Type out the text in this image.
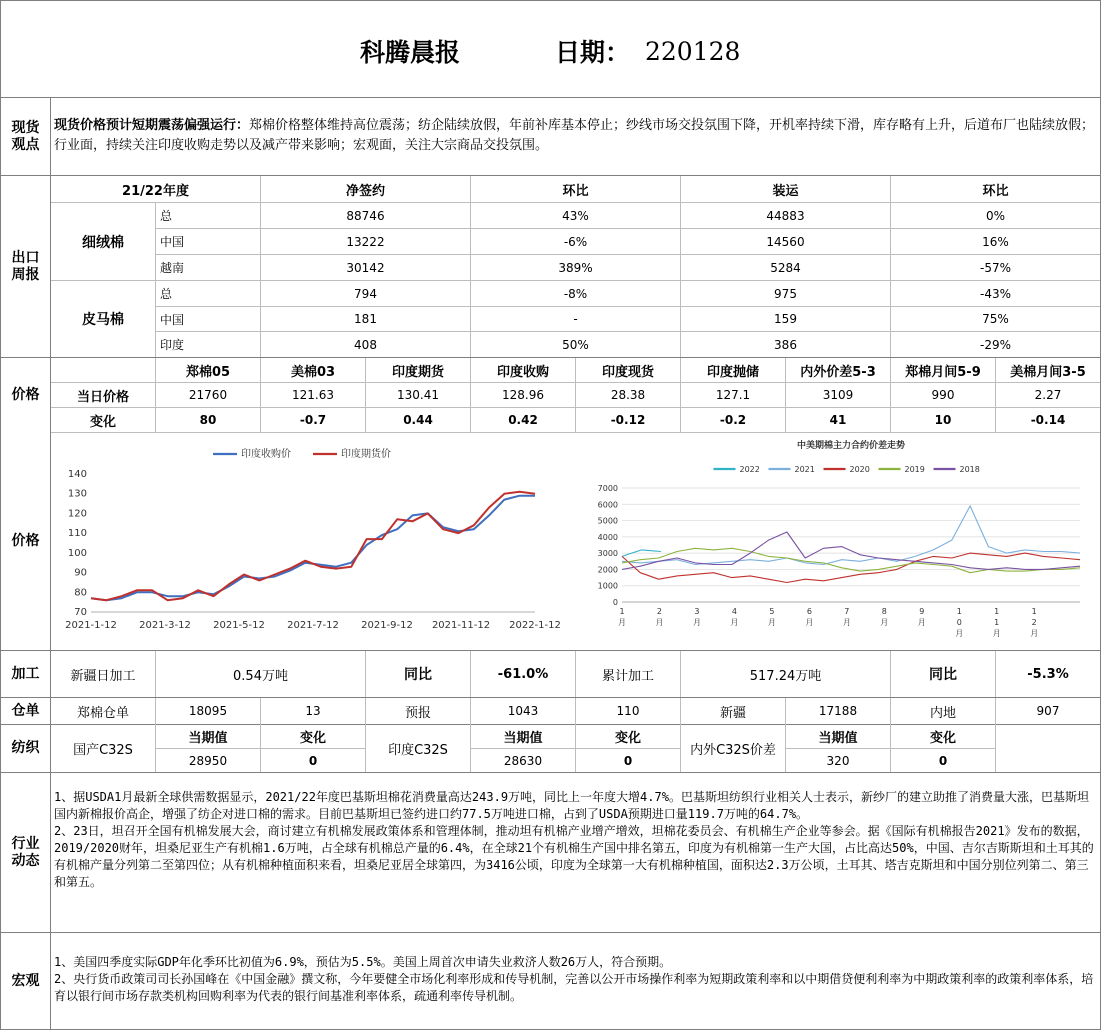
科腾晨报	日期： 220128
现货观点
出口周报
价格
价格
加工
仓单
纺织
行业动态
宏观
现货价格预计短期震荡偏强运行：郑棉价格整体维持高位震荡；纺企陆续放假，年前补库基本停止；纱线市场交投氛围下降，开机率持续下滑，库存略有上升，后道布厂也陆续放假；行业面，持续关注印度收购走势以及减产带来影响；宏观面，关注大宗商品交投氛围。
21/22年度	净签约	环比	装运	环比
细绒棉
皮马棉
总	88746	43%	44883	0%
中国	13222	-6%	14560	16%
越南	30142	389%	5284	-57%
总	794	-8%	975	-43%
中国	181	-	159	75%
印度	408	50%	386	-29%
郑棉05	美棉03	印度期货	印度收购	印度现货	印度抛储	内外价差5-3	郑棉月间5-9	美棉月间3-5
当日价格	21760	121.63	130.41	128.96	28.38	127.1	3109	990	2.27
变化	80	-0.7	0.44	0.42	-0.12	-0.2	41	10	-0.14
印度收购价	印度期货价
70
80
90
100
110
120
130
140
2021-1-12 2021-3-12 2021-5-12 2021-7-12 2021-9-12 2021-11-12 2022-1-12
中美期棉主力合约价差走势
2022	2021	2020	2019	2018
0
1000
2000
3000
4000
5000
6000
7000
1
月
2
月
3
月
4
月
5
月
6
月
7
月
8
月
9
月
1
0
月
1
1
月
1
2
月
新疆日加工	0.54万吨	同比	-61.0%	累计加工	517.24万吨	同比	-5.3%
郑棉仓单	18095	13	预报	1043	110	新疆	17188	内地	907
国产C32S
当期值	变化
28950	0
印度C32S
当期值	变化
28630	0
内外C32S价差
当期值	变化
320	0
1、据USDA1月最新全球供需数据显示，2021/22年度巴基斯坦棉花消费量高达243.9万吨，同比上一年度大增4.7%。巴基斯坦纺织行业相关人士表示，新纱厂的建立助推了消费量大涨，巴基斯坦国内新棉报价高企，增强了纺企对进口棉的需求。目前巴基斯坦已签约进口约77.5万吨进口棉，占到了USDA预期进口量119.7万吨的64.7%。
2、23日，坦召开全国有机棉发展大会，商讨建立有机棉发展政策体系和管理体制，推动坦有机棉产业增产增效，坦棉花委员会、有机棉生产企业等参会。据《国际有机棉报告2021》发布的数据，2019/2020财年，坦桑尼亚生产有机棉1.6万吨，占全球有机棉总产量的6.4%，在全球21个有机棉生产国中排名第五，印度为有机棉第一生产大国，占比高达50%，中国、吉尔吉斯斯坦和土耳其的有机棉产量分列第二至第四位；从有机棉种植面积来看，坦桑尼亚居全球第四，为3416公顷，印度为全球第一大有机棉种植国，面积达2.3万公顷，土耳其、塔吉克斯坦和中国分别位列第二、第三和第五。
1、美国四季度实际GDP年化季环比初值为6.9%，预估为5.5%。美国上周首次申请失业救济人数26万人，符合预期。
2、央行货币政策司司长孙国峰在《中国金融》撰文称，今年要健全市场化利率形成和传导机制，完善以公开市场操作利率为短期政策利率和以中期借贷便利利率为中期政策利率的政策利率体系，培育以银行间市场存款类机构回购利率为代表的银行间基准利率体系，疏通利率传导机制。
